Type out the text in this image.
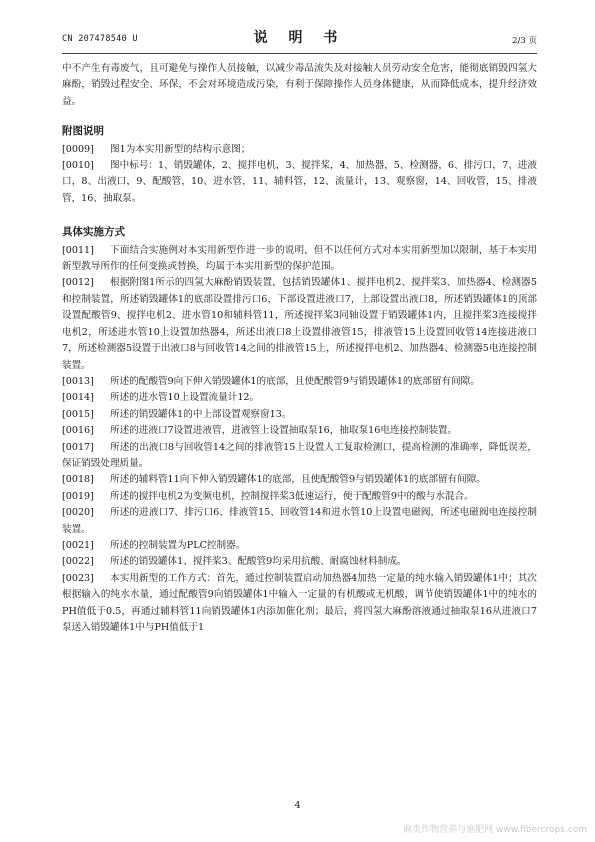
CN 207478540 U	说 明 书	2/3 页

中不产生有毒废气，且可避免与操作人员接触，以减少毒品流失及对接触人员劳动安全危害，能彻底销毁四氢大麻酚，销毁过程安全、环保，不会对环境造成污染，有利于保障操作人员身体健康，从而降低成本，提升经济效益。

附图说明

[0009] 图1为本实用新型的结构示意图；

[0010] 图中标号：1、销毁罐体，2、搅拌电机，3、搅拌桨，4、加热器，5、检测器，6、排污口，7、进液口，8、出液口，9、配酸管，10、进水管，11、辅料管，12、流量计，13、观察窗，14、回收管，15、排液管，16、抽取泵。

具体实施方式

[0011] 下面结合实施例对本实用新型作进一步的说明，但不以任何方式对本实用新型加以限制，基于本实用新型教导所作的任何变换或替换，均属于本实用新型的保护范围。

[0012] 根据附图1所示的四氢大麻酚销毁装置，包括销毁罐体1、搅拌电机2、搅拌桨3、加热器4、检测器5和控制装置，所述销毁罐体1的底部设置排污口6，下部设置进液口7，上部设置出液口8，所述销毁罐体1的顶部设置配酸管9、搅拌电机2、进水管10和辅料管11，所述搅拌桨3同轴设置于销毁罐体1内，且搅拌桨3连接搅拌电机2，所述进水管10上设置加热器4，所述出液口8上设置排液管15，排液管15上设置回收管14连接进液口7，所述检测器5设置于出液口8与回收管14之间的排液管15上，所述搅拌电机2、加热器4、检测器5电连接控制装置。

[0013] 所述的配酸管9向下伸入销毁罐体1的底部，且使配酸管9与销毁罐体1的底部留有间隙。

[0014] 所述的进水管10上设置流量计12。

[0015] 所述的销毁罐体1的中上部设置观察窗13。

[0016] 所述的进液口7设置进液管，进液管上设置抽取泵16，抽取泵16电连接控制装置。

[0017] 所述的出液口8与回收管14之间的排液管15上设置人工复取检测口，提高检测的准确率，降低误差，保证销毁处理质量。

[0018] 所述的辅料管11向下伸入销毁罐体1的底部，且使配酸管9与销毁罐体1的底部留有间隙。

[0019] 所述的搅拌电机2为变频电机，控制搅拌桨3低速运行，便于配酸管9中的酸与水混合。

[0020] 所述的进液口7、排污口6、排液管15、回收管14和进水管10上设置电磁阀，所述电磁阀电连接控制装置。

[0021] 所述的控制装置为PLC控制器。

[0022] 所述的销毁罐体1、搅拌桨3、配酸管9均采用抗酸、耐腐蚀材料制成。

[0023] 本实用新型的工作方式：首先，通过控制装置启动加热器4加热一定量的纯水输入销毁罐体1中；其次根据输入的纯水水量，通过配酸管9向销毁罐体1中输入一定量的有机酸或无机酸，调节使销毁罐体1中的纯水的PH值低于0.5，再通过辅料管11向销毁罐体1内添加催化剂；最后，将四氢大麻酚溶液通过抽取泵16从进液口7泵送入销毁罐体1中与PH值低于1

4
麻类作物营养与施肥网 www.fibercrops.com
